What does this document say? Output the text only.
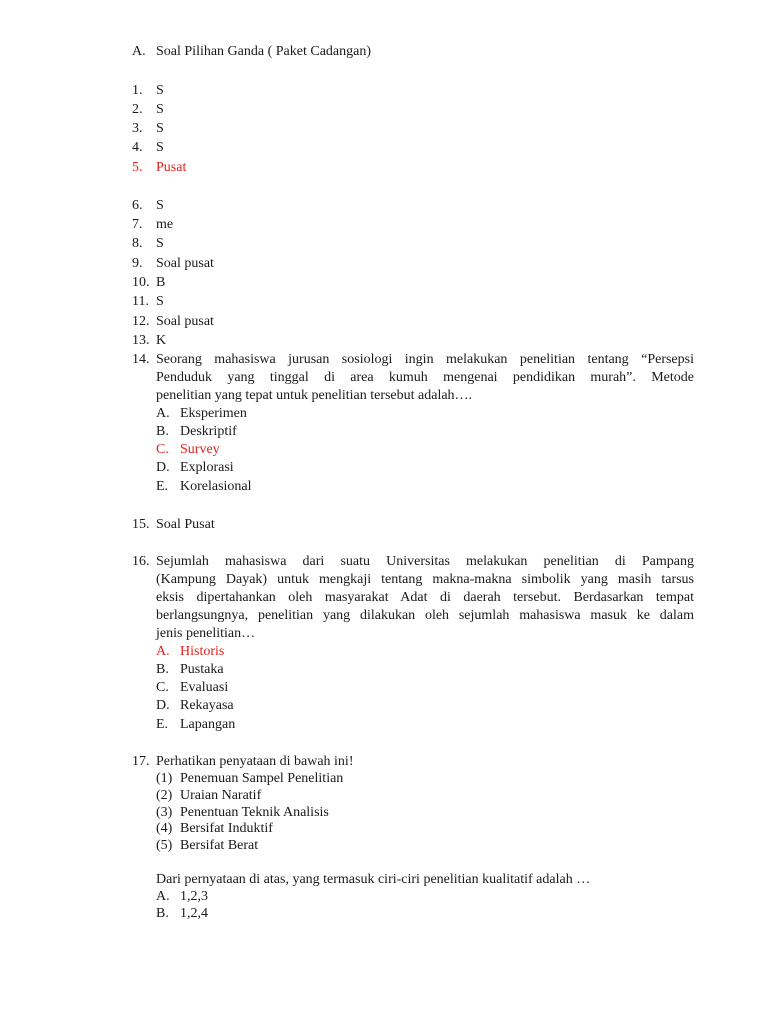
A. Soal Pilihan Ganda ( Paket Cadangan)
1. S
2. S
3. S
4. S
5. Pusat
6. S
7. me
8. S
9. Soal pusat
10. B
11. S
12. Soal pusat
13. K
14. Seorang mahasiswa jurusan sosiologi ingin melakukan penelitian tentang “Persepsi
Penduduk yang tinggal di area kumuh mengenai pendidikan murah”. Metode
penelitian yang tepat untuk penelitian tersebut adalah….
A. Eksperimen
B. Deskriptif
C. Survey
D. Explorasi
E. Korelasional
15. Soal Pusat
16. Sejumlah mahasiswa dari suatu Universitas melakukan penelitian di Pampang
(Kampung Dayak) untuk mengkaji tentang makna-makna simbolik yang masih tarsus
eksis dipertahankan oleh masyarakat Adat di daerah tersebut. Berdasarkan tempat
berlangsungnya, penelitian yang dilakukan oleh sejumlah mahasiswa masuk ke dalam
jenis penelitian…
A. Historis
B. Pustaka
C. Evaluasi
D. Rekayasa
E. Lapangan
17. Perhatikan penyataan di bawah ini!
(1) Penemuan Sampel Penelitian
(2) Uraian Naratif
(3) Penentuan Teknik Analisis
(4) Bersifat Induktif
(5) Bersifat Berat
Dari pernyataan di atas, yang termasuk ciri-ciri penelitian kualitatif adalah …
A. 1,2,3
B. 1,2,4
